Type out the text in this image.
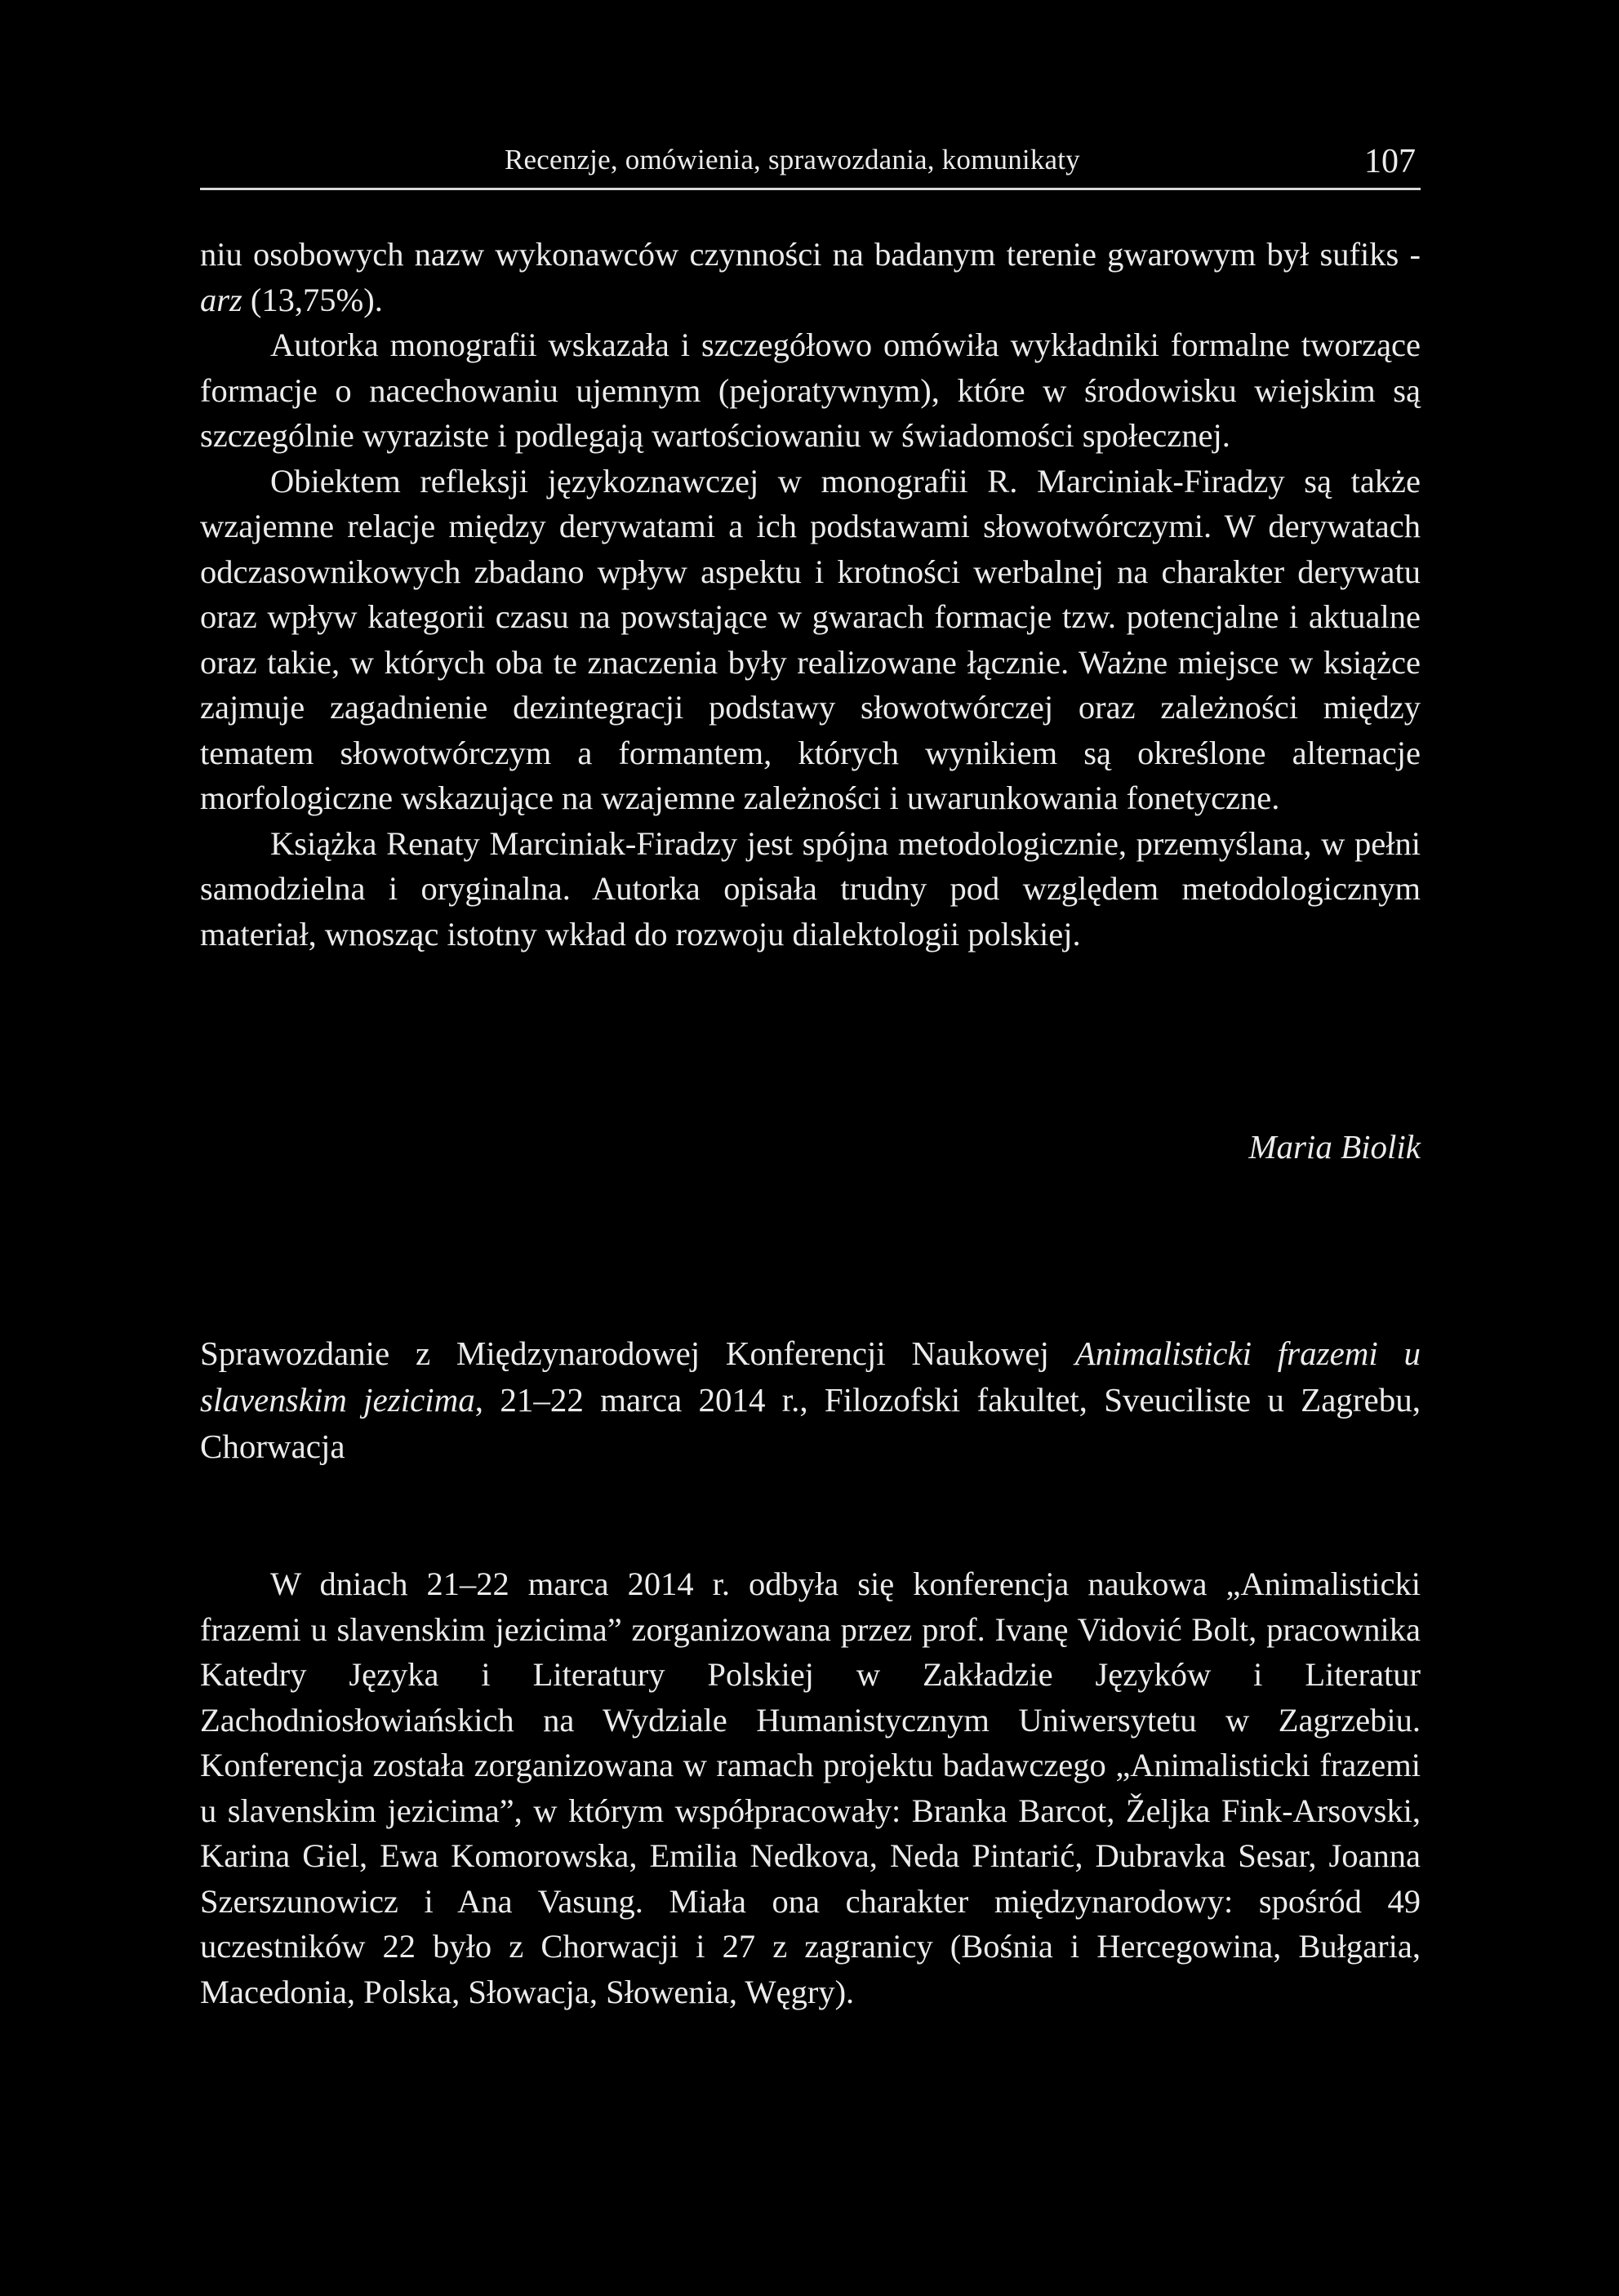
Recenzje, omówienia, sprawozdania, komunikaty	107

niu osobowych nazw wykonawców czynności na badanym terenie gwarowym był sufiks -arz (13,75%).

Autorka monografii wskazała i szczegółowo omówiła wykładniki formalne tworzące formacje o nacechowaniu ujemnym (pejoratywnym), które w środowisku wiejskim są szczególnie wyraziste i podlegają wartościowaniu w świadomości społecznej.

Obiektem refleksji językoznawczej w monografii R. Marciniak-Firadzy są także wzajemne relacje między derywatami a ich podstawami słowotwórczymi. W derywatach odczasownikowych zbadano wpływ aspektu i krotności werbalnej na charakter derywatu oraz wpływ kategorii czasu na powstające w gwarach formacje tzw. potencjalne i aktualne oraz takie, w których oba te znaczenia były realizowane łącznie. Ważne miejsce w książce zajmuje zagadnienie dezintegracji podstawy słowotwórczej oraz zależności między tematem słowotwórczym a formantem, których wynikiem są określone alternacje morfologiczne wskazujące na wzajemne zależności i uwarunkowania fonetyczne.

Książka Renaty Marciniak-Firadzy jest spójna metodologicznie, przemyślana, w pełni samodzielna i oryginalna. Autorka opisała trudny pod względem metodologicznym materiał, wnosząc istotny wkład do rozwoju dialektologii polskiej.

Maria Biolik
Sprawozdanie z Międzynarodowej Konferencji Naukowej Animalisticki frazemi u slavenskim jezicima, 21–22 marca 2014 r., Filozofski fakultet, Sveuciliste u Zagrebu, Chorwacja

W dniach 21–22 marca 2014 r. odbyła się konferencja naukowa „Animalisticki frazemi u slavenskim jezicima” zorganizowana przez prof. Ivanę Vidović Bolt, pracownika Katedry Języka i Literatury Polskiej w Zakładzie Języków i Literatur Zachodniosłowiańskich na Wydziale Humanistycznym Uniwersytetu w Zagrzebiu. Konferencja została zorganizowana w ramach projektu badawczego „Animalisticki frazemi u slavenskim jezicima”, w którym współpracowały: Branka Barcot, Željka Fink-Arsovski, Karina Giel, Ewa Komorowska, Emilia Nedkova, Neda Pintarić, Dubravka Sesar, Joanna Szerszunowicz i Ana Vasung. Miała ona charakter międzynarodowy: spośród 49 uczestników 22 było z Chorwacji i 27 z zagranicy (Bośnia i Hercegowina, Bułgaria, Macedonia, Polska, Słowacja, Słowenia, Węgry).
